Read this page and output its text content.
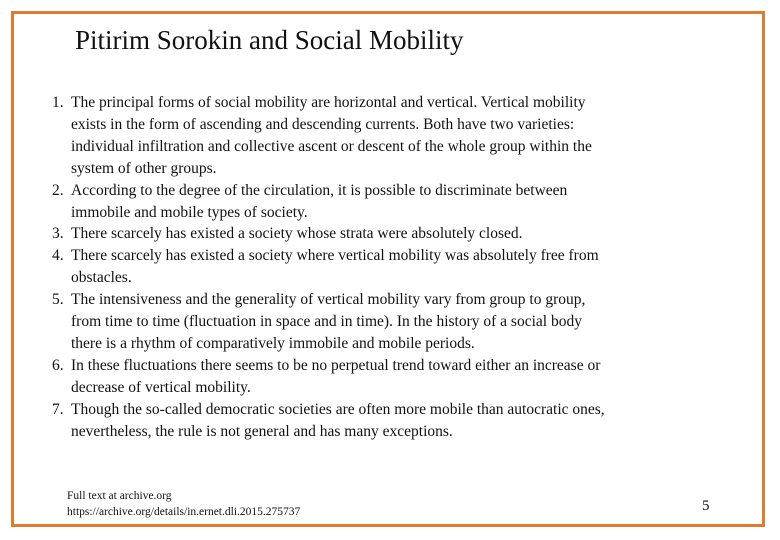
Pitirim Sorokin and Social Mobility
1. The principal forms of social mobility are horizontal and vertical. Vertical mobility
exists in the form of ascending and descending currents. Both have two varieties:
individual infiltration and collective ascent or descent of the whole group within the
system of other groups.
2. According to the degree of the circulation, it is possible to discriminate between
immobile and mobile types of society.
3. There scarcely has existed a society whose strata were absolutely closed.
4. There scarcely has existed a society where vertical mobility was absolutely free from
obstacles.
5. The intensiveness and the generality of vertical mobility vary from group to group,
from time to time (fluctuation in space and in time). In the history of a social body
there is a rhythm of comparatively immobile and mobile periods.
6. In these fluctuations there seems to be no perpetual trend toward either an increase or
decrease of vertical mobility.
7. Though the so-called democratic societies are often more mobile than autocratic ones,
nevertheless, the rule is not general and has many exceptions.
Full text at archive.org
https://archive.org/details/in.ernet.dli.2015.275737	5
